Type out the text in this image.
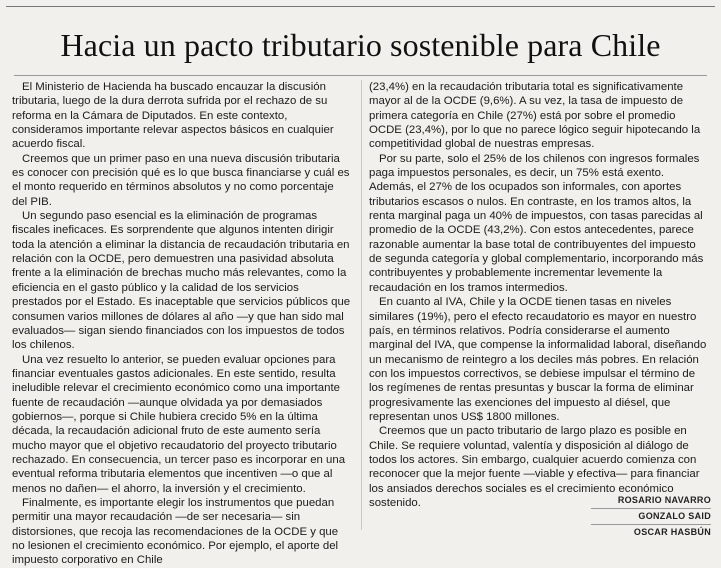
Hacia un pacto tributario sostenible para Chile

El Ministerio de Hacienda ha buscado encauzar la discusión tributaria, luego de la dura derrota sufrida por el rechazo de su reforma en la Cámara de Diputados. En este contexto, consideramos importante relevar aspectos básicos en cualquier acuerdo fiscal.

Creemos que un primer paso en una nueva discusión tributaria es conocer con precisión qué es lo que busca financiarse y cuál es el monto requerido en términos absolutos y no como porcentaje del PIB.

Un segundo paso esencial es la eliminación de programas fiscales ineficaces. Es sorprendente que algunos intenten dirigir toda la atención a eliminar la distancia de recaudación tributaria en relación con la OCDE, pero demuestren una pasividad absoluta frente a la eliminación de brechas mucho más relevantes, como la eficiencia en el gasto público y la calidad de los servicios prestados por el Estado. Es inaceptable que servicios públicos que consumen varios millones de dólares al año —y que han sido mal evaluados— sigan siendo financiados con los impuestos de todos los chilenos.

Una vez resuelto lo anterior, se pueden evaluar opciones para financiar eventuales gastos adicionales. En este sentido, resulta ineludible relevar el crecimiento económico como una importante fuente de recaudación —aunque olvidada ya por demasiados gobiernos—, porque si Chile hubiera crecido 5% en la última década, la recaudación adicional fruto de este aumento sería mucho mayor que el objetivo recaudatorio del proyecto tributario rechazado. En consecuencia, un tercer paso es incorporar en una eventual reforma tributaria elementos que incentiven —o que al menos no dañen— el ahorro, la inversión y el crecimiento.

Finalmente, es importante elegir los instrumentos que puedan permitir una mayor recaudación —de ser necesaria— sin distorsiones, que recoja las recomendaciones de la OCDE y que no lesionen el crecimiento económico. Por ejemplo, el aporte del impuesto corporativo en Chile

(23,4%) en la recaudación tributaria total es significativamente mayor al de la OCDE (9,6%). A su vez, la tasa de impuesto de primera categoría en Chile (27%) está por sobre el promedio OCDE (23,4%), por lo que no parece lógico seguir hipotecando la competitividad global de nuestras empresas.

Por su parte, solo el 25% de los chilenos con ingresos formales paga impuestos personales, es decir, un 75% está exento. Además, el 27% de los ocupados son informales, con aportes tributarios escasos o nulos. En contraste, en los tramos altos, la renta marginal paga un 40% de impuestos, con tasas parecidas al promedio de la OCDE (43,2%). Con estos antecedentes, parece razonable aumentar la base total de contribuyentes del impuesto de segunda categoría y global complementario, incorporando más contribuyentes y probablemente incrementar levemente la recaudación en los tramos intermedios.

En cuanto al IVA, Chile y la OCDE tienen tasas en niveles similares (19%), pero el efecto recaudatorio es mayor en nuestro país, en términos relativos. Podría considerarse el aumento marginal del IVA, que compense la informalidad laboral, diseñando un mecanismo de reintegro a los deciles más pobres. En relación con los impuestos correctivos, se debiese impulsar el término de los regímenes de rentas presuntas y buscar la forma de eliminar progresivamente las exenciones del impuesto al diésel, que representan unos US$ 1800 millones.

Creemos que un pacto tributario de largo plazo es posible en Chile. Se requiere voluntad, valentía y disposición al diálogo de todos los actores. Sin embargo, cualquier acuerdo comienza con reconocer que la mejor fuente —viable y efectiva— para financiar los ansiados derechos sociales es el crecimiento económico sostenido.	ROSARIO NAVARRO
GONZALO SAID
OSCAR HASBÚN
